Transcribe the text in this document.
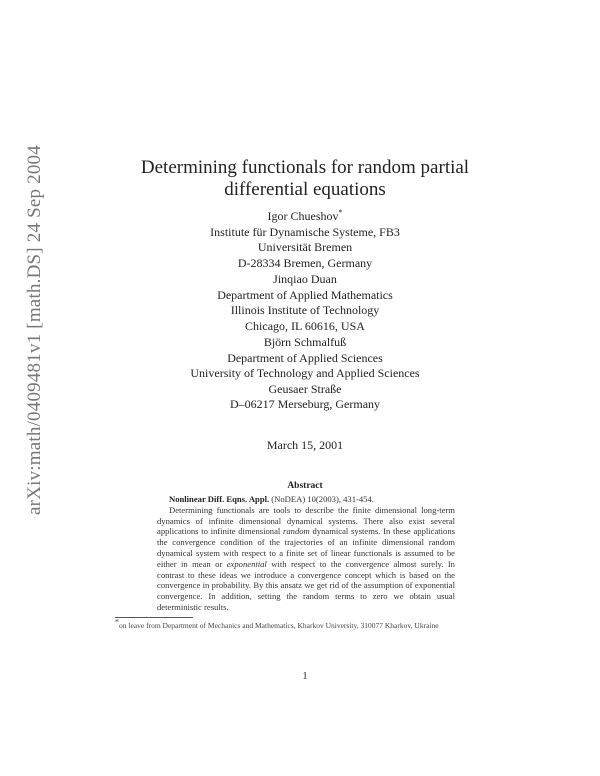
arXiv:math/0409481v1 [math.DS] 24 Sep 2004	Determining functionals for random partial
differential equations
Igor Chueshov*
Institute für Dynamische Systeme, FB3
Universität Bremen
D-28334 Bremen, Germany
Jinqiao Duan
Department of Applied Mathematics
Illinois Institute of Technology
Chicago, IL 60616, USA
Björn Schmalfuß
Department of Applied Sciences
University of Technology and Applied Sciences
Geusaer Straße
D–06217 Merseburg, Germany
March 15, 2001
Abstract
Nonlinear Diff. Eqns. Appl. (NoDEA) 10(2003), 431-454.
Determining functionals are tools to describe the finite dimensional long-term dynamics of infinite dimensional dynamical systems. There also exist several applications to infinite dimensional random dynamical systems. In these applications the convergence condition of the trajectories of an infinite dimensional random dynamical system with respect to a finite set of linear functionals is assumed to be either in mean or exponential with respect to the convergence almost surely. In contrast to these ideas we introduce a convergence concept which is based on the convergence in probability. By this ansatz we get rid of the assumption of exponential convergence. In addition, setting the random terms to zero we obtain usual deterministic results.
*on leave from Department of Mechanics and Mathematics, Kharkov University, 310077 Kharkov, Ukraine
1
